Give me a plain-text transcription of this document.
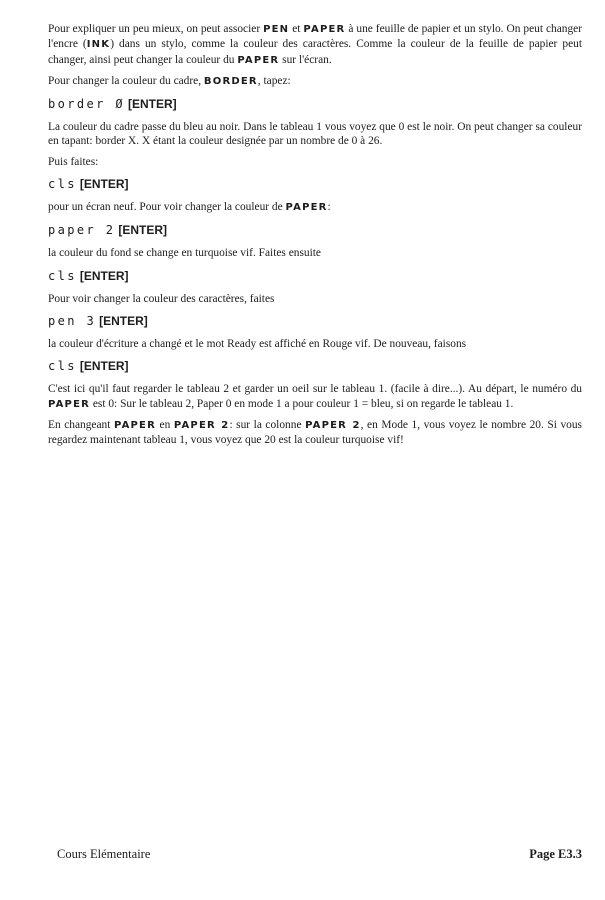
Pour expliquer un peu mieux, on peut associer PEN et PAPER à une feuille de papier et un stylo. On peut changer l'encre (INK) dans un stylo, comme la couleur des caractères. Comme la couleur de la feuille de papier peut changer, ainsi peut changer la couleur du PAPER sur l'écran.

Pour changer la couleur du cadre, BORDER, tapez:

border Ø [ENTER]

La couleur du cadre passe du bleu au noir. Dans le tableau 1 vous voyez que 0 est le noir. On peut changer sa couleur en tapant: border X. X étant la couleur designée par un nombre de 0 à 26.

Puis faites:

cls [ENTER]

pour un écran neuf. Pour voir changer la couleur de PAPER:

paper 2 [ENTER]

la couleur du fond se change en turquoise vif. Faites ensuite

cls [ENTER]

Pour voir changer la couleur des caractères, faites

pen 3 [ENTER]

la couleur d'écriture a changé et le mot Ready est affiché en Rouge vif. De nouveau, faisons

cls [ENTER]

C'est ici qu'il faut regarder le tableau 2 et garder un oeil sur le tableau 1. (facile à dire...). Au départ, le numéro du PAPER est 0: Sur le tableau 2, Paper 0 en mode 1 a pour couleur 1 = bleu, si on regarde le tableau 1.

En changeant PAPER en PAPER 2: sur la colonne PAPER 2, en Mode 1, vous voyez le nombre 20. Si vous regardez maintenant tableau 1, vous voyez que 20 est la couleur turquoise vif!

Cours Elémentaire	Page E3.3
